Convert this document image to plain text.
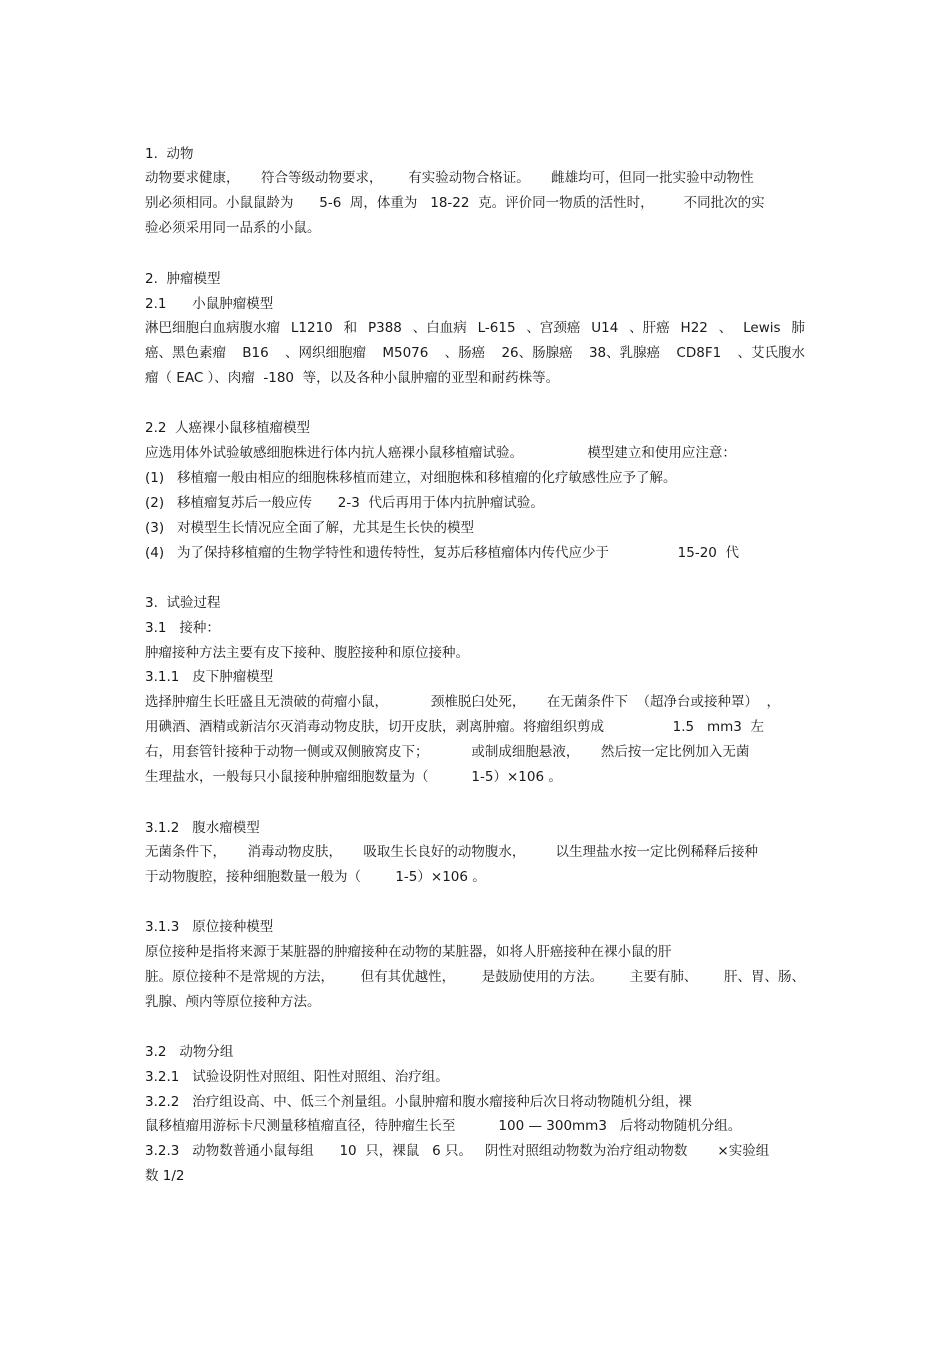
1.  动物
动物要求健康，     符合等级动物要求，      有实验动物合格证。     雌雄均可，但同一批实验中动物性
别必须相同。小鼠鼠龄为      5-6  周，体重为   18-22  克。评价同一物质的活性时，       不同批次的实
验必须采用同一品系的小鼠。
2.  肿瘤模型
2.1      小鼠肿瘤模型
淋巴细胞白血病腹水瘤 L1210 和 P388 、白血病 L-615 、宫颈癌 U14 、肝癌 H22 、 Lewis 肺
癌、黑色素瘤 B16 、网织细胞瘤 M5076 、肠癌 26、肠腺癌 38、乳腺癌 CD8F1 、艾氏腹水
瘤（ EAC ）、肉瘤  -180  等，以及各种小鼠肿瘤的亚型和耐药株等。
2.2  人癌裸小鼠移植瘤模型
应选用体外试验敏感细胞株进行体内抗人癌裸小鼠移植瘤试验。               模型建立和使用应注意：
(1)   移植瘤一般由相应的细胞株移植而建立，对细胞株和移植瘤的化疗敏感性应予了解。
(2)   移植瘤复苏后一般应传      2-3  代后再用于体内抗肿瘤试验。
(3)   对模型生长情况应全面了解，尤其是生长快的模型
(4)   为了保持移植瘤的生物学特性和遗传特性，复苏后移植瘤体内传代应少于                15-20  代
3.  试验过程
3.1   接种：
肿瘤接种方法主要有皮下接种、腹腔接种和原位接种。
3.1.1   皮下肿瘤模型
选择肿瘤生长旺盛且无溃破的荷瘤小鼠，          颈椎脱臼处死，     在无菌条件下  （超净台或接种罩）  ，
用碘酒、酒精或新洁尔灭消毒动物皮肤，切开皮肤，剥离肿瘤。将瘤组织剪成                1.5   mm3  左
右，用套管针接种于动物一侧或双侧腋窝皮下；          或制成细胞悬液，     然后按一定比例加入无菌
生理盐水，一般每只小鼠接种肿瘤细胞数量为（          1-5）×106 。
3.1.2   腹水瘤模型
无菌条件下，     消毒动物皮肤，     吸取生长良好的动物腹水，       以生理盐水按一定比例稀释后接种
于动物腹腔，接种细胞数量一般为（        1-5）×106 。
3.1.3   原位接种模型
原位接种是指将来源于某脏器的肿瘤接种在动物的某脏器，如将人肝癌接种在裸小鼠的肝
脏。原位接种不是常规的方法， 但有其优越性， 是鼓励使用的方法。 主要有肺、 肝、胃、肠、
乳腺、颅内等原位接种方法。
3.2   动物分组
3.2.1   试验设阴性对照组、阳性对照组、治疗组。
3.2.2   治疗组设高、中、低三个剂量组。小鼠肿瘤和腹水瘤接种后次日将动物随机分组，裸
鼠移植瘤用游标卡尺测量移植瘤直径，待肿瘤生长至          100 — 300mm3   后将动物随机分组。
3.2.3   动物数普通小鼠每组      10  只，裸鼠   6 只。   阴性对照组动物数为治疗组动物数       ×实验组
数 1/2
